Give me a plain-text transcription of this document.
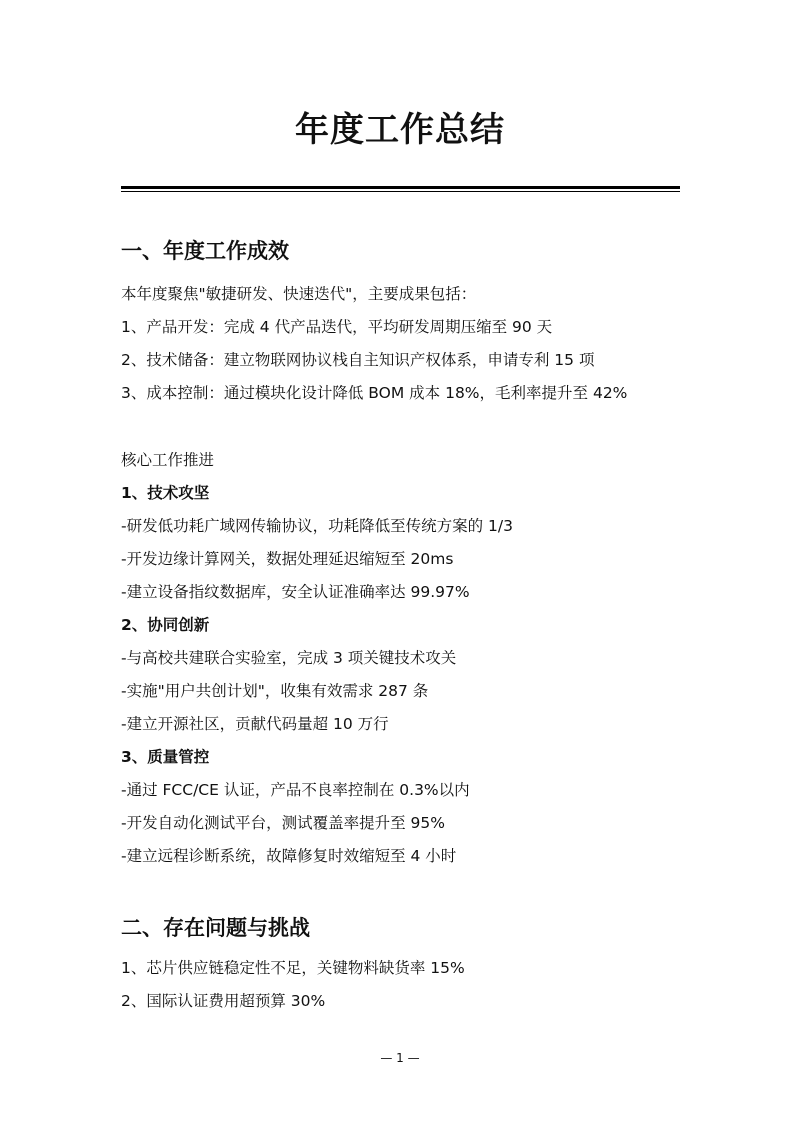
年度工作总结
一、年度工作成效
本年度聚焦"敏捷研发、快速迭代"，主要成果包括：
1、产品开发：完成 4 代产品迭代，平均研发周期压缩至 90 天
2、技术储备：建立物联网协议栈自主知识产权体系，申请专利 15 项
3、成本控制：通过模块化设计降低 BOM 成本 18%，毛利率提升至 42%
核心工作推进
1、技术攻坚
-研发低功耗广域网传输协议，功耗降低至传统方案的 1/3
-开发边缘计算网关，数据处理延迟缩短至 20ms
-建立设备指纹数据库，安全认证准确率达 99.97%
2、协同创新
-与高校共建联合实验室，完成 3 项关键技术攻关
-实施"用户共创计划"，收集有效需求 287 条
-建立开源社区，贡献代码量超 10 万行
3、质量管控
-通过 FCC/CE 认证，产品不良率控制在 0.3%以内
-开发自动化测试平台，测试覆盖率提升至 95%
-建立远程诊断系统，故障修复时效缩短至 4 小时
二、存在问题与挑战
1、芯片供应链稳定性不足，关键物料缺货率 15%
2、国际认证费用超预算 30%
— 1 —
